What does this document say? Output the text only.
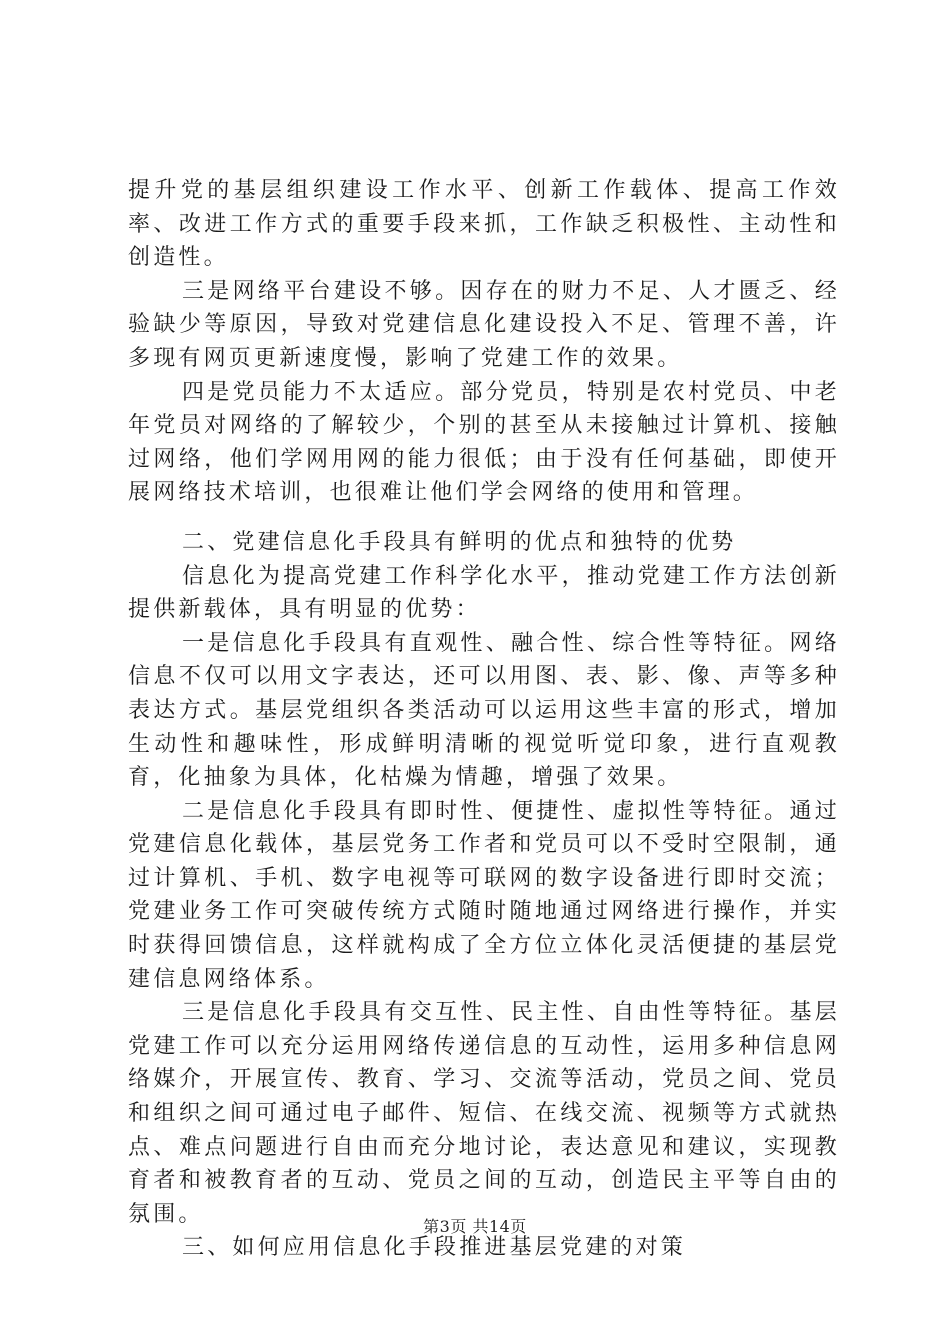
提升党的基层组织建设工作水平、创新工作载体、提高工作效率、改进工作方式的重要手段来抓，工作缺乏积极性、主动性和创造性。

三是网络平台建设不够。因存在的财力不足、人才匮乏、经验缺少等原因，导致对党建信息化建设投入不足、管理不善，许多现有网页更新速度慢，影响了党建工作的效果。

四是党员能力不太适应。部分党员，特别是农村党员、中老年党员对网络的了解较少，个别的甚至从未接触过计算机、接触过网络，他们学网用网的能力很低；由于没有任何基础，即使开展网络技术培训，也很难让他们学会网络的使用和管理。

二、党建信息化手段具有鲜明的优点和独特的优势

信息化为提高党建工作科学化水平，推动党建工作方法创新提供新载体，具有明显的优势：

一是信息化手段具有直观性、融合性、综合性等特征。网络信息不仅可以用文字表达，还可以用图、表、影、像、声等多种表达方式。基层党组织各类活动可以运用这些丰富的形式，增加生动性和趣味性，形成鲜明清晰的视觉听觉印象，进行直观教育，化抽象为具体，化枯燥为情趣，增强了效果。

二是信息化手段具有即时性、便捷性、虚拟性等特征。通过党建信息化载体，基层党务工作者和党员可以不受时空限制，通过计算机、手机、数字电视等可联网的数字设备进行即时交流；党建业务工作可突破传统方式随时随地通过网络进行操作，并实时获得回馈信息，这样就构成了全方位立体化灵活便捷的基层党建信息网络体系。

三是信息化手段具有交互性、民主性、自由性等特征。基层党建工作可以充分运用网络传递信息的互动性，运用多种信息网络媒介，开展宣传、教育、学习、交流等活动，党员之间、党员和组织之间可通过电子邮件、短信、在线交流、视频等方式就热点、难点问题进行自由而充分地讨论，表达意见和建议，实现教育者和被教育者的互动、党员之间的互动，创造民主平等自由的氛围。

三、如何应用信息化手段推进基层党建的对策

第3页 共14页
